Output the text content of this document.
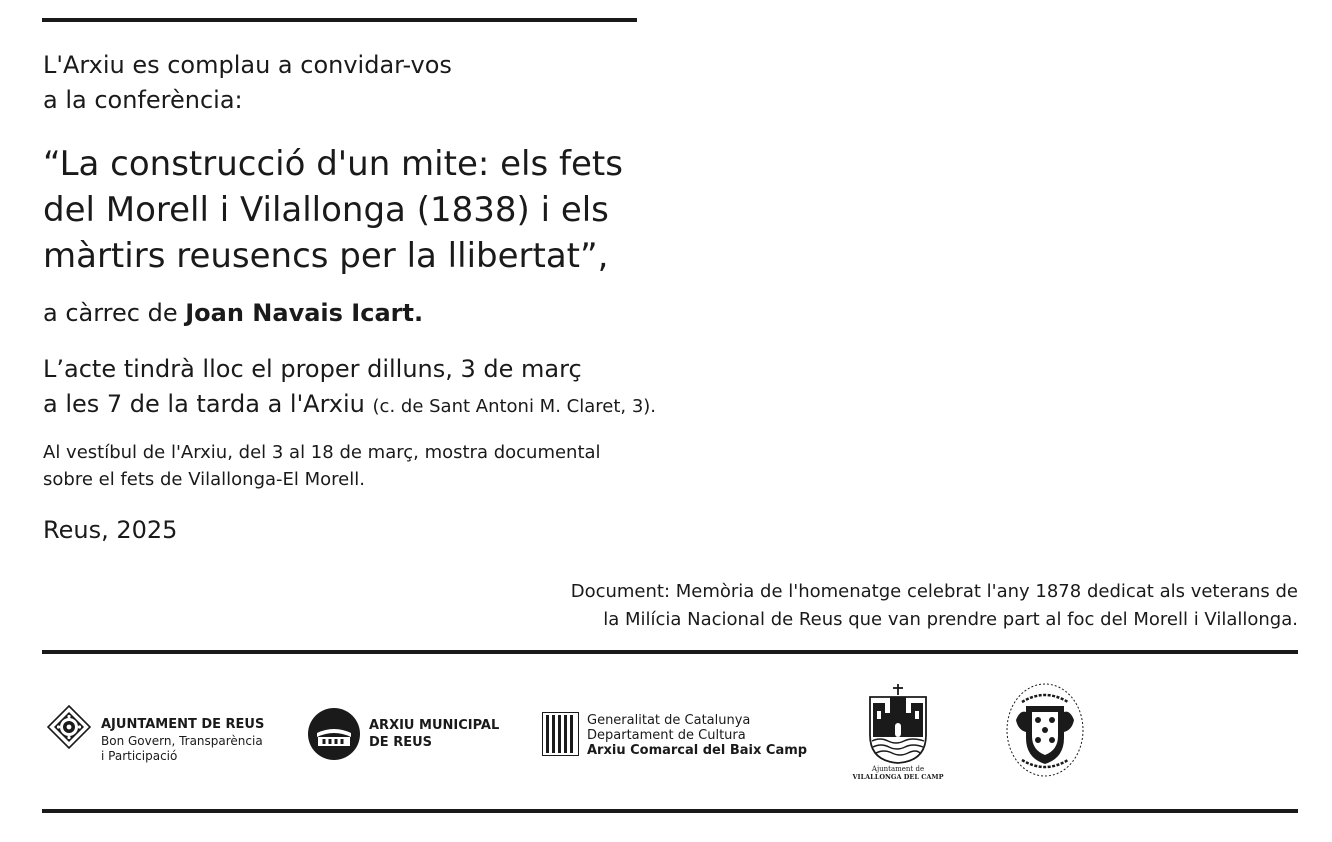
L'Arxiu es complau a convidar-vos
a la conferència:

“La construcció d'un mite: els fets
del Morell i Vilallonga (1838) i els
màrtirs reusencs per la llibertat”,

a càrrec de Joan Navais Icart.

L’acte tindrà lloc el proper dilluns, 3 de març
a les 7 de la tarda a l'Arxiu (c. de Sant Antoni M. Claret, 3).

Al vestíbul de l'Arxiu, del 3 al 18 de març, mostra documental
sobre el fets de Vilallonga-El Morell.

Reus, 2025

Document: Memòria de l'homenatge celebrat l'any 1878 dedicat als veterans de
la Milícia Nacional de Reus que van prendre part al foc del Morell i Vilallonga.

AJUNTAMENT DE REUS
Bon Govern, Transparència
i Participació
ARXIU MUNICIPAL
DE REUS
Generalitat de Catalunya
Departament de Cultura
Arxiu Comarcal del Baix Camp
Ajuntament de
VILALLONGA DEL CAMP
